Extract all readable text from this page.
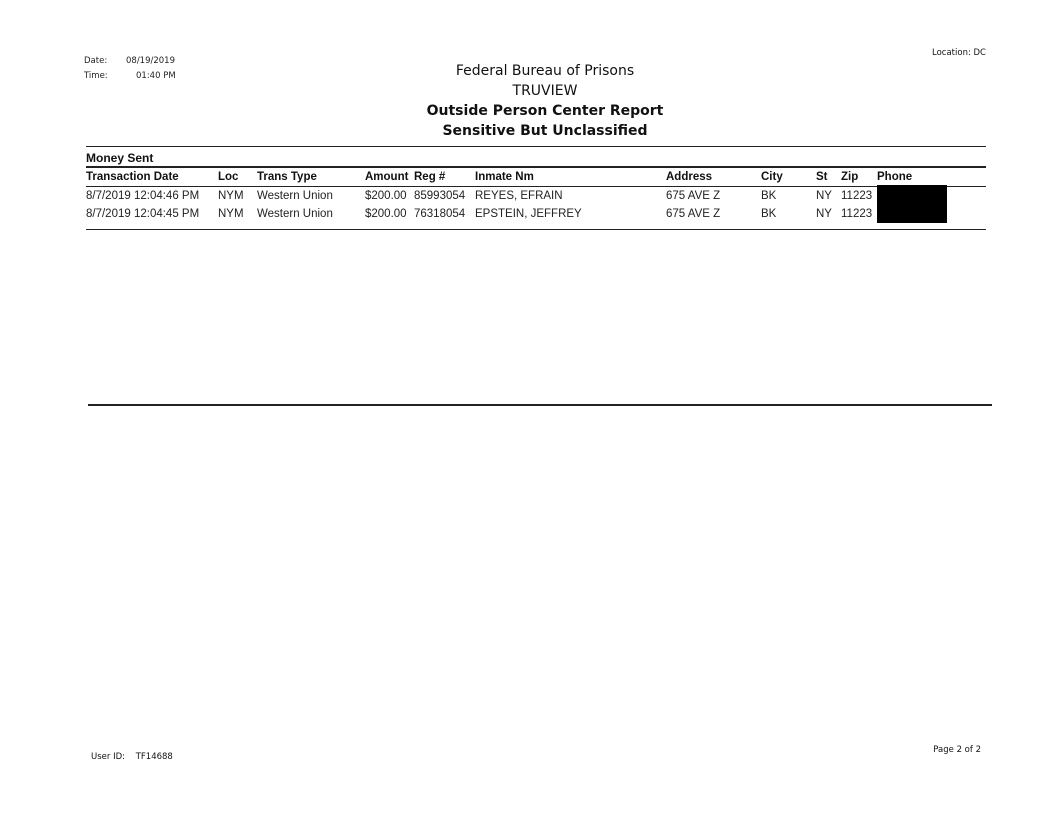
Date: 08/19/2019
Time:	01:40 PM
Location: DC
Federal Bureau of Prisons
TRUVIEW
Outside Person Center Report
Sensitive But Unclassified
Money Sent
Transaction Date	Loc	Trans Type	Amount	Reg #	Inmate Nm	Address	City	St	Zip	Phone

8/7/2019 12:04:46 PM	NYM	Western Union	$200.00	85993054	REYES, EFRAIN	675 AVE Z	BK	NY	11223	

8/7/2019 12:04:45 PM	NYM	Western Union	$200.00	76318054	EPSTEIN, JEFFREY	675 AVE Z	BK	NY	11223	
User ID: TF14688
Page 2 of 2
